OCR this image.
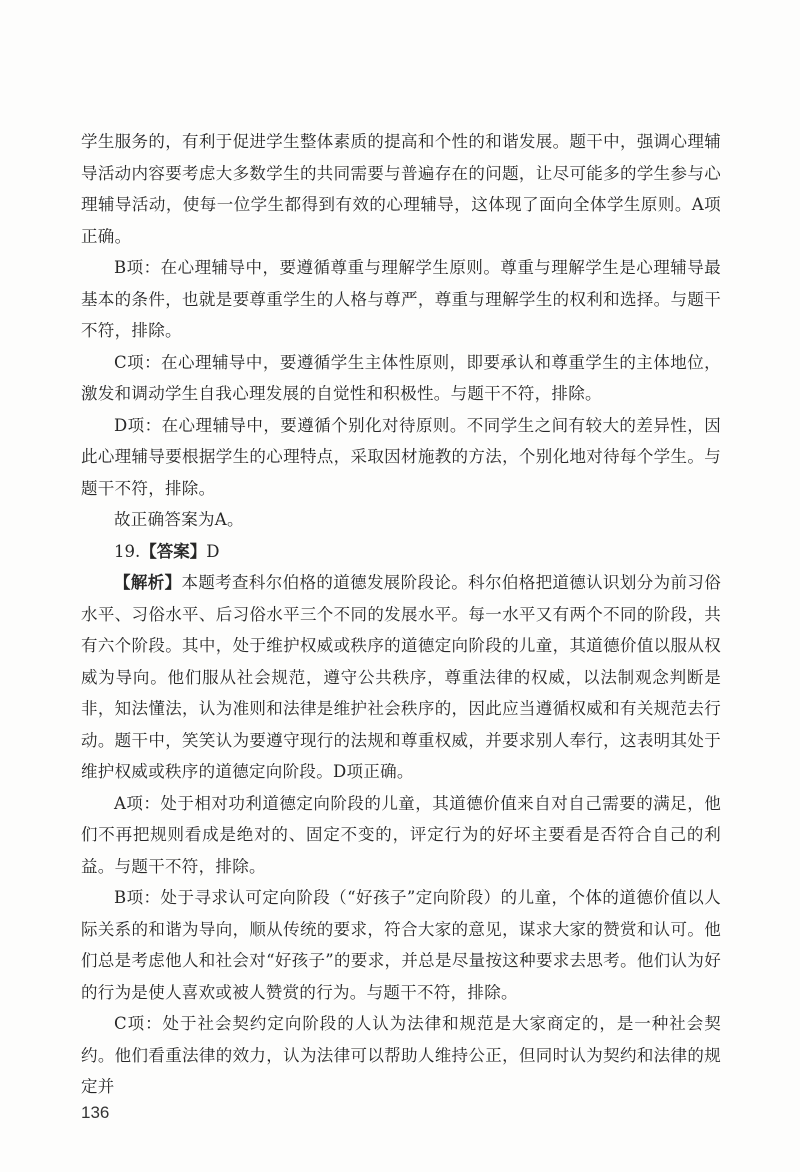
学生服务的，有利于促进学生整体素质的提高和个性的和谐发展。题干中，强调心理辅导活动内容要考虑大多数学生的共同需要与普遍存在的问题，让尽可能多的学生参与心理辅导活动，使每一位学生都得到有效的心理辅导，这体现了面向全体学生原则。A项正确。

B项：在心理辅导中，要遵循尊重与理解学生原则。尊重与理解学生是心理辅导最基本的条件，也就是要尊重学生的人格与尊严，尊重与理解学生的权利和选择。与题干不符，排除。

C项：在心理辅导中，要遵循学生主体性原则，即要承认和尊重学生的主体地位，激发和调动学生自我心理发展的自觉性和积极性。与题干不符，排除。

D项：在心理辅导中，要遵循个别化对待原则。不同学生之间有较大的差异性，因此心理辅导要根据学生的心理特点，采取因材施教的方法，个别化地对待每个学生。与题干不符，排除。

故正确答案为A。

19.【答案】D

【解析】本题考查科尔伯格的道德发展阶段论。科尔伯格把道德认识划分为前习俗水平、习俗水平、后习俗水平三个不同的发展水平。每一水平又有两个不同的阶段，共有六个阶段。其中，处于维护权威或秩序的道德定向阶段的儿童，其道德价值以服从权威为导向。他们服从社会规范，遵守公共秩序，尊重法律的权威，以法制观念判断是非，知法懂法，认为准则和法律是维护社会秩序的，因此应当遵循权威和有关规范去行动。题干中，笑笑认为要遵守现行的法规和尊重权威，并要求别人奉行，这表明其处于维护权威或秩序的道德定向阶段。D项正确。

A项：处于相对功利道德定向阶段的儿童，其道德价值来自对自己需要的满足，他们不再把规则看成是绝对的、固定不变的，评定行为的好坏主要看是否符合自己的利益。与题干不符，排除。

B项：处于寻求认可定向阶段（“好孩子”定向阶段）的儿童，个体的道德价值以人际关系的和谐为导向，顺从传统的要求，符合大家的意见，谋求大家的赞赏和认可。他们总是考虑他人和社会对“好孩子”的要求，并总是尽量按这种要求去思考。他们认为好的行为是使人喜欢或被人赞赏的行为。与题干不符，排除。

C项：处于社会契约定向阶段的人认为法律和规范是大家商定的，是一种社会契约。他们看重法律的效力，认为法律可以帮助人维持公正，但同时认为契约和法律的规定并

136
